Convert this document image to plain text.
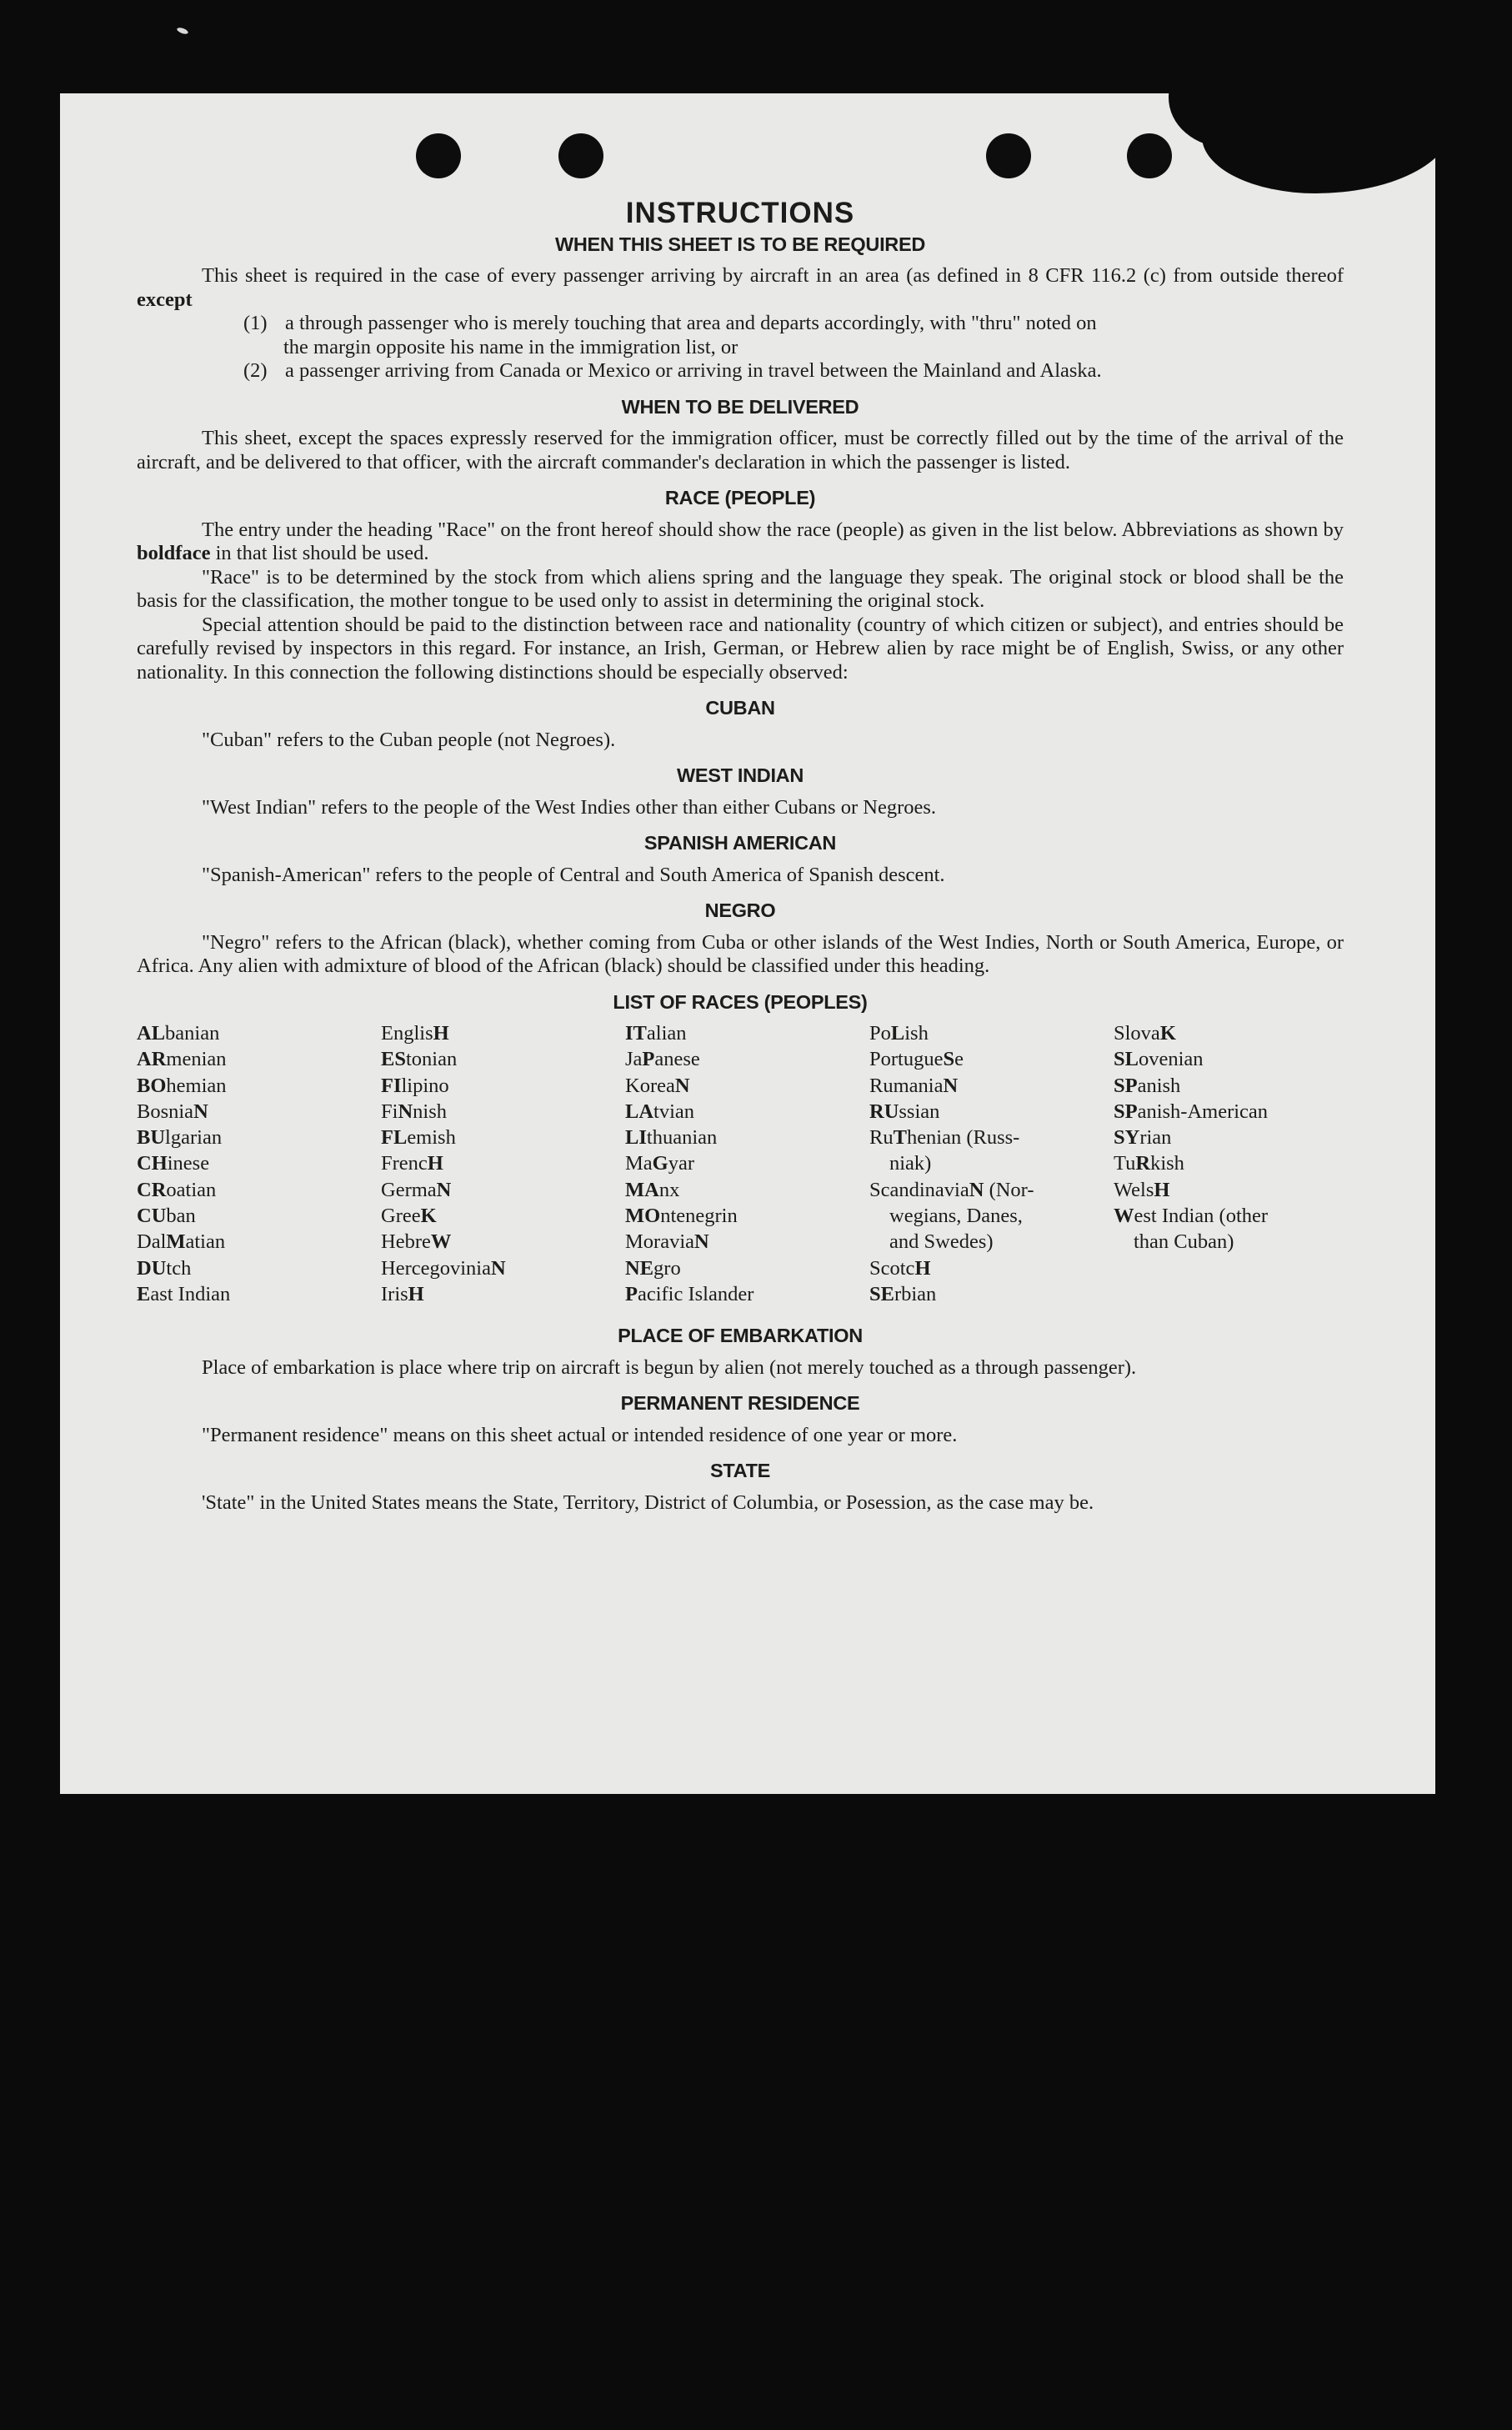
INSTRUCTIONS
WHEN THIS SHEET IS TO BE REQUIRED

This sheet is required in the case of every passenger arriving by aircraft in an area (as defined in 8 CFR 116.2 (c) from outside thereof except

(1) a through passenger who is merely touching that area and departs accordingly, with "thru" noted on
the margin opposite his name in the immigration list, or
(2) a passenger arriving from Canada or Mexico or arriving in travel between the Mainland and Alaska.
WHEN TO BE DELIVERED

This sheet, except the spaces expressly reserved for the immigration officer, must be correctly filled out by the time of the arrival of the aircraft, and be delivered to that officer, with the aircraft commander's declaration in which the passenger is listed.

RACE (PEOPLE)

The entry under the heading "Race" on the front hereof should show the race (people) as given in the list below. Abbreviations as shown by boldface in that list should be used.

"Race" is to be determined by the stock from which aliens spring and the language they speak. The original stock or blood shall be the basis for the classification, the mother tongue to be used only to assist in determining the original stock.

Special attention should be paid to the distinction between race and nationality (country of which citizen or subject), and entries should be carefully revised by inspectors in this regard. For instance, an Irish, German, or Hebrew alien by race might be of English, Swiss, or any other nationality. In this connection the following distinctions should be especially observed:

CUBAN

"Cuban" refers to the Cuban people (not Negroes).

WEST INDIAN

"West Indian" refers to the people of the West Indies other than either Cubans or Negroes.

SPANISH AMERICAN

"Spanish-American" refers to the people of Central and South America of Spanish descent.

NEGRO

"Negro" refers to the African (black), whether coming from Cuba or other islands of the West Indies, North or South America, Europe, or Africa. Any alien with admixture of blood of the African (black) should be classified under this heading.

LIST OF RACES (PEOPLES)
ALbanian
ARmenian
BOhemian
BosniaN
BUlgarian
CHinese
CRoatian
CUban
DalMatian
DUtch
East Indian
EnglisH
EStonian
FIlipino
FiNnish
FLemish
FrencH
GermaN
GreeK
HebreW
HercegoviniaN
IrisH
ITalian
JaPanese
KoreaN
LAtvian
LIthuanian
MaGyar
MAnx
MOntenegrin
MoraviaN
NEgro
Pacific Islander
PoLish
PortugueSe
RumaniaN
RUssian
RuThenian (Russ-
niak)
ScandinaviaN (Nor-
wegians, Danes,
and Swedes)
ScotcH
SErbian
SlovaK
SLovenian
SPanish
SPanish-American
SYrian
TuRkish
WelsH
West Indian (other
than Cuban)
PLACE OF EMBARKATION

Place of embarkation is place where trip on aircraft is begun by alien (not merely touched as a through passenger).

PERMANENT RESIDENCE

"Permanent residence" means on this sheet actual or intended residence of one year or more.

STATE

'State" in the United States means the State, Territory, District of Columbia, or Posession, as the case may be.
